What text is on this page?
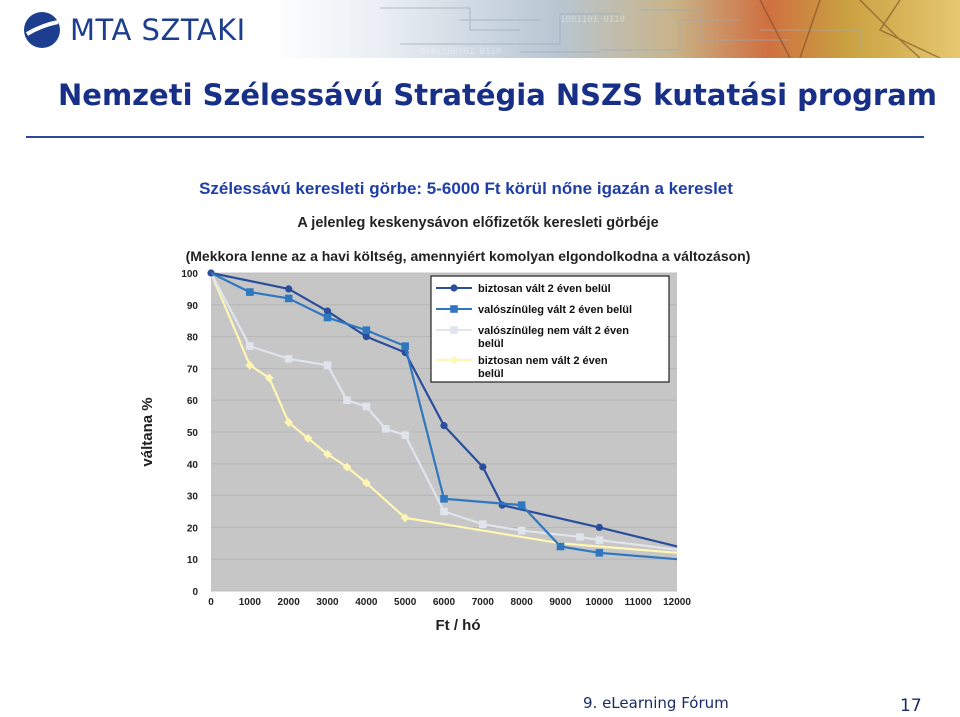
0101100101 0110
1001101 0110
MTA SZTAKI
Nemzeti Szélessávú Stratégia NSZS kutatási program
Szélessávú keresleti görbe: 5-6000 Ft körül nőne igazán a kereslet
A jelenleg keskenysávon előfizetők keresleti görbéje
(Mekkora lenne az a havi költség, amennyiért komolyan elgondolkodna a változáson)
0
10
20
30
40
50
60
70
80
90
100
0 1000 2000 3000 4000 5000 6000 7000 8000 9000 10000 11000 12000
váltana %
Ft / hó
biztosan vált 2 éven belül
valószínüleg vált 2 éven belül
valószínüleg nem vált 2 éven
belül
biztosan nem vált 2 éven
belül
9. eLearning Fórum	17
